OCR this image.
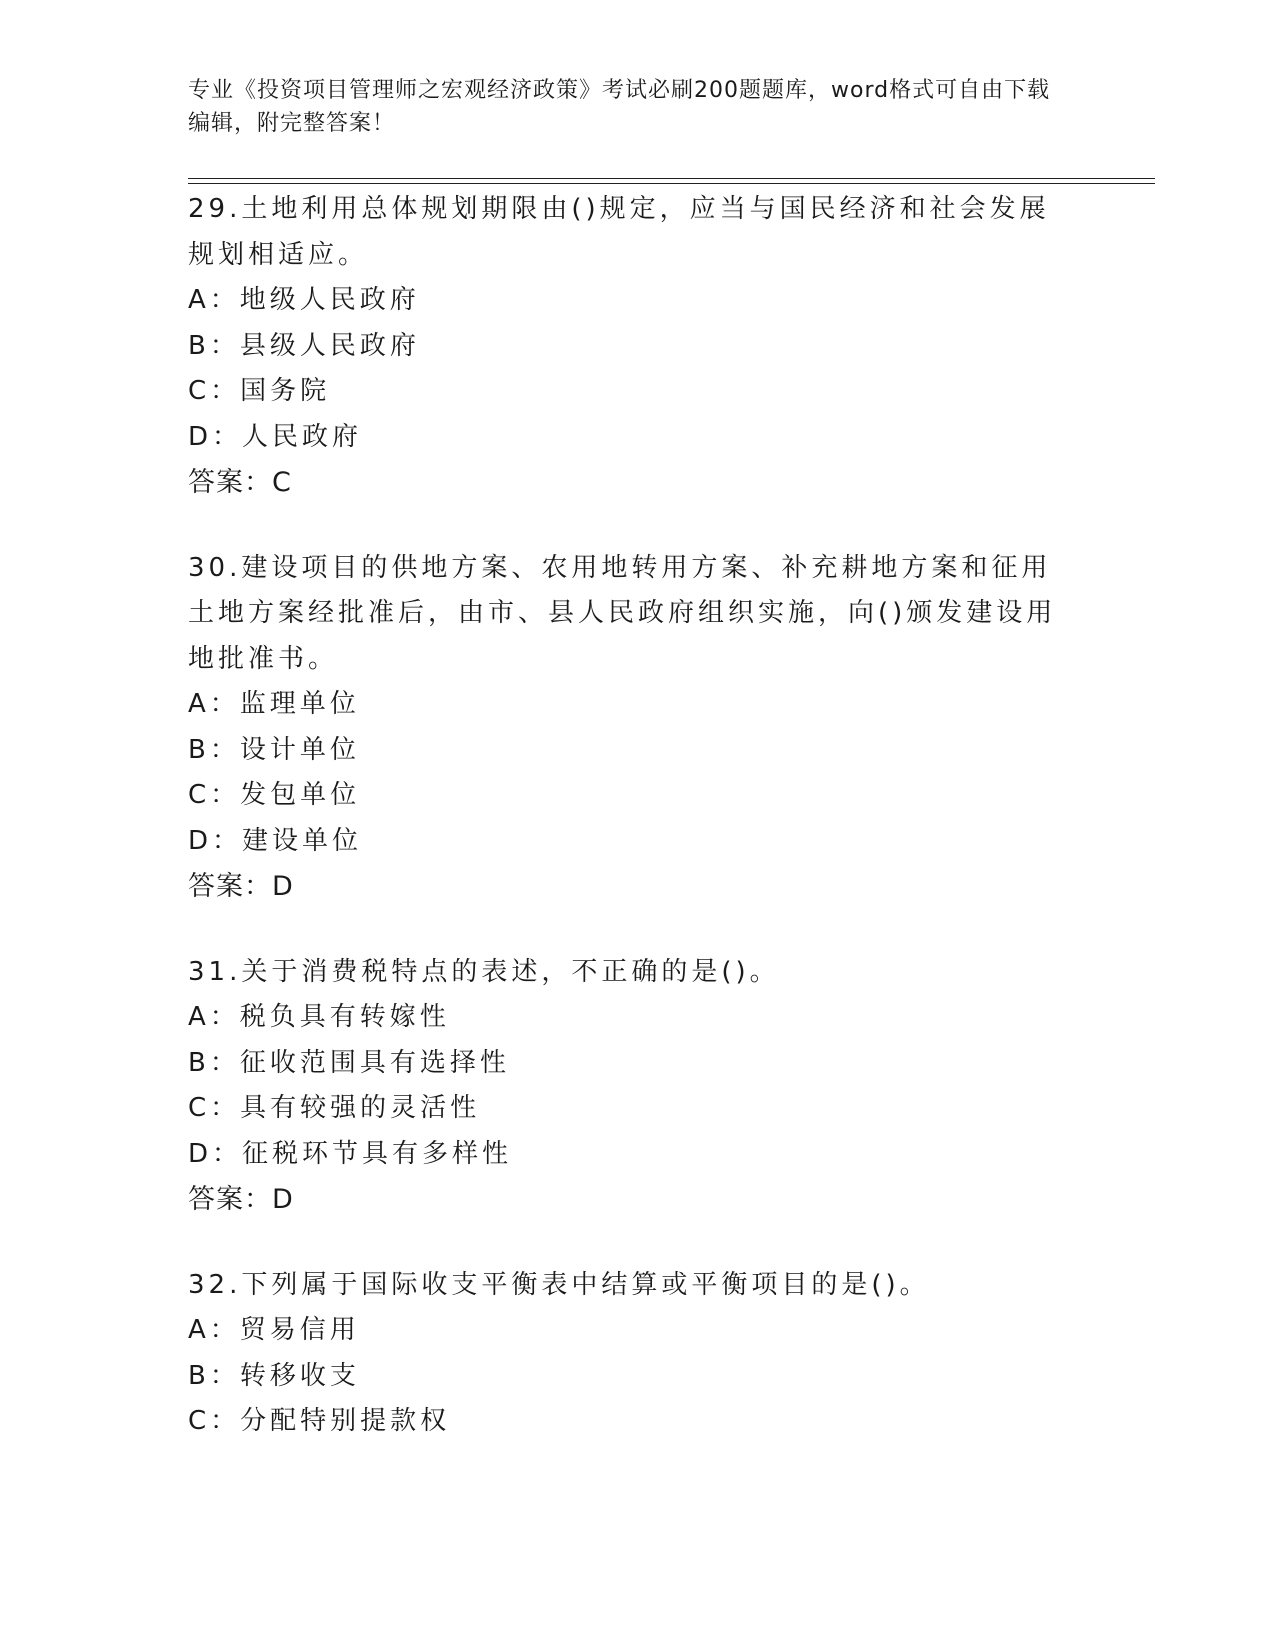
专业《投资项目管理师之宏观经济政策》考试必刷200题题库，word格式可自由下载编辑，附完整答案！
29.土地利用总体规划期限由()规定，应当与国民经济和社会发展规划相适应。
A：地级人民政府
B：县级人民政府
C：国务院
D：人民政府
答案：C
30.建设项目的供地方案、农用地转用方案、补充耕地方案和征用土地方案经批准后，由市、县人民政府组织实施，向()颁发建设用地批准书。
A：监理单位
B：设计单位
C：发包单位
D：建设单位
答案：D
31.关于消费税特点的表述，不正确的是()。
A：税负具有转嫁性
B：征收范围具有选择性
C：具有较强的灵活性
D：征税环节具有多样性
答案：D
32.下列属于国际收支平衡表中结算或平衡项目的是()。
A：贸易信用
B：转移收支
C：分配特别提款权
